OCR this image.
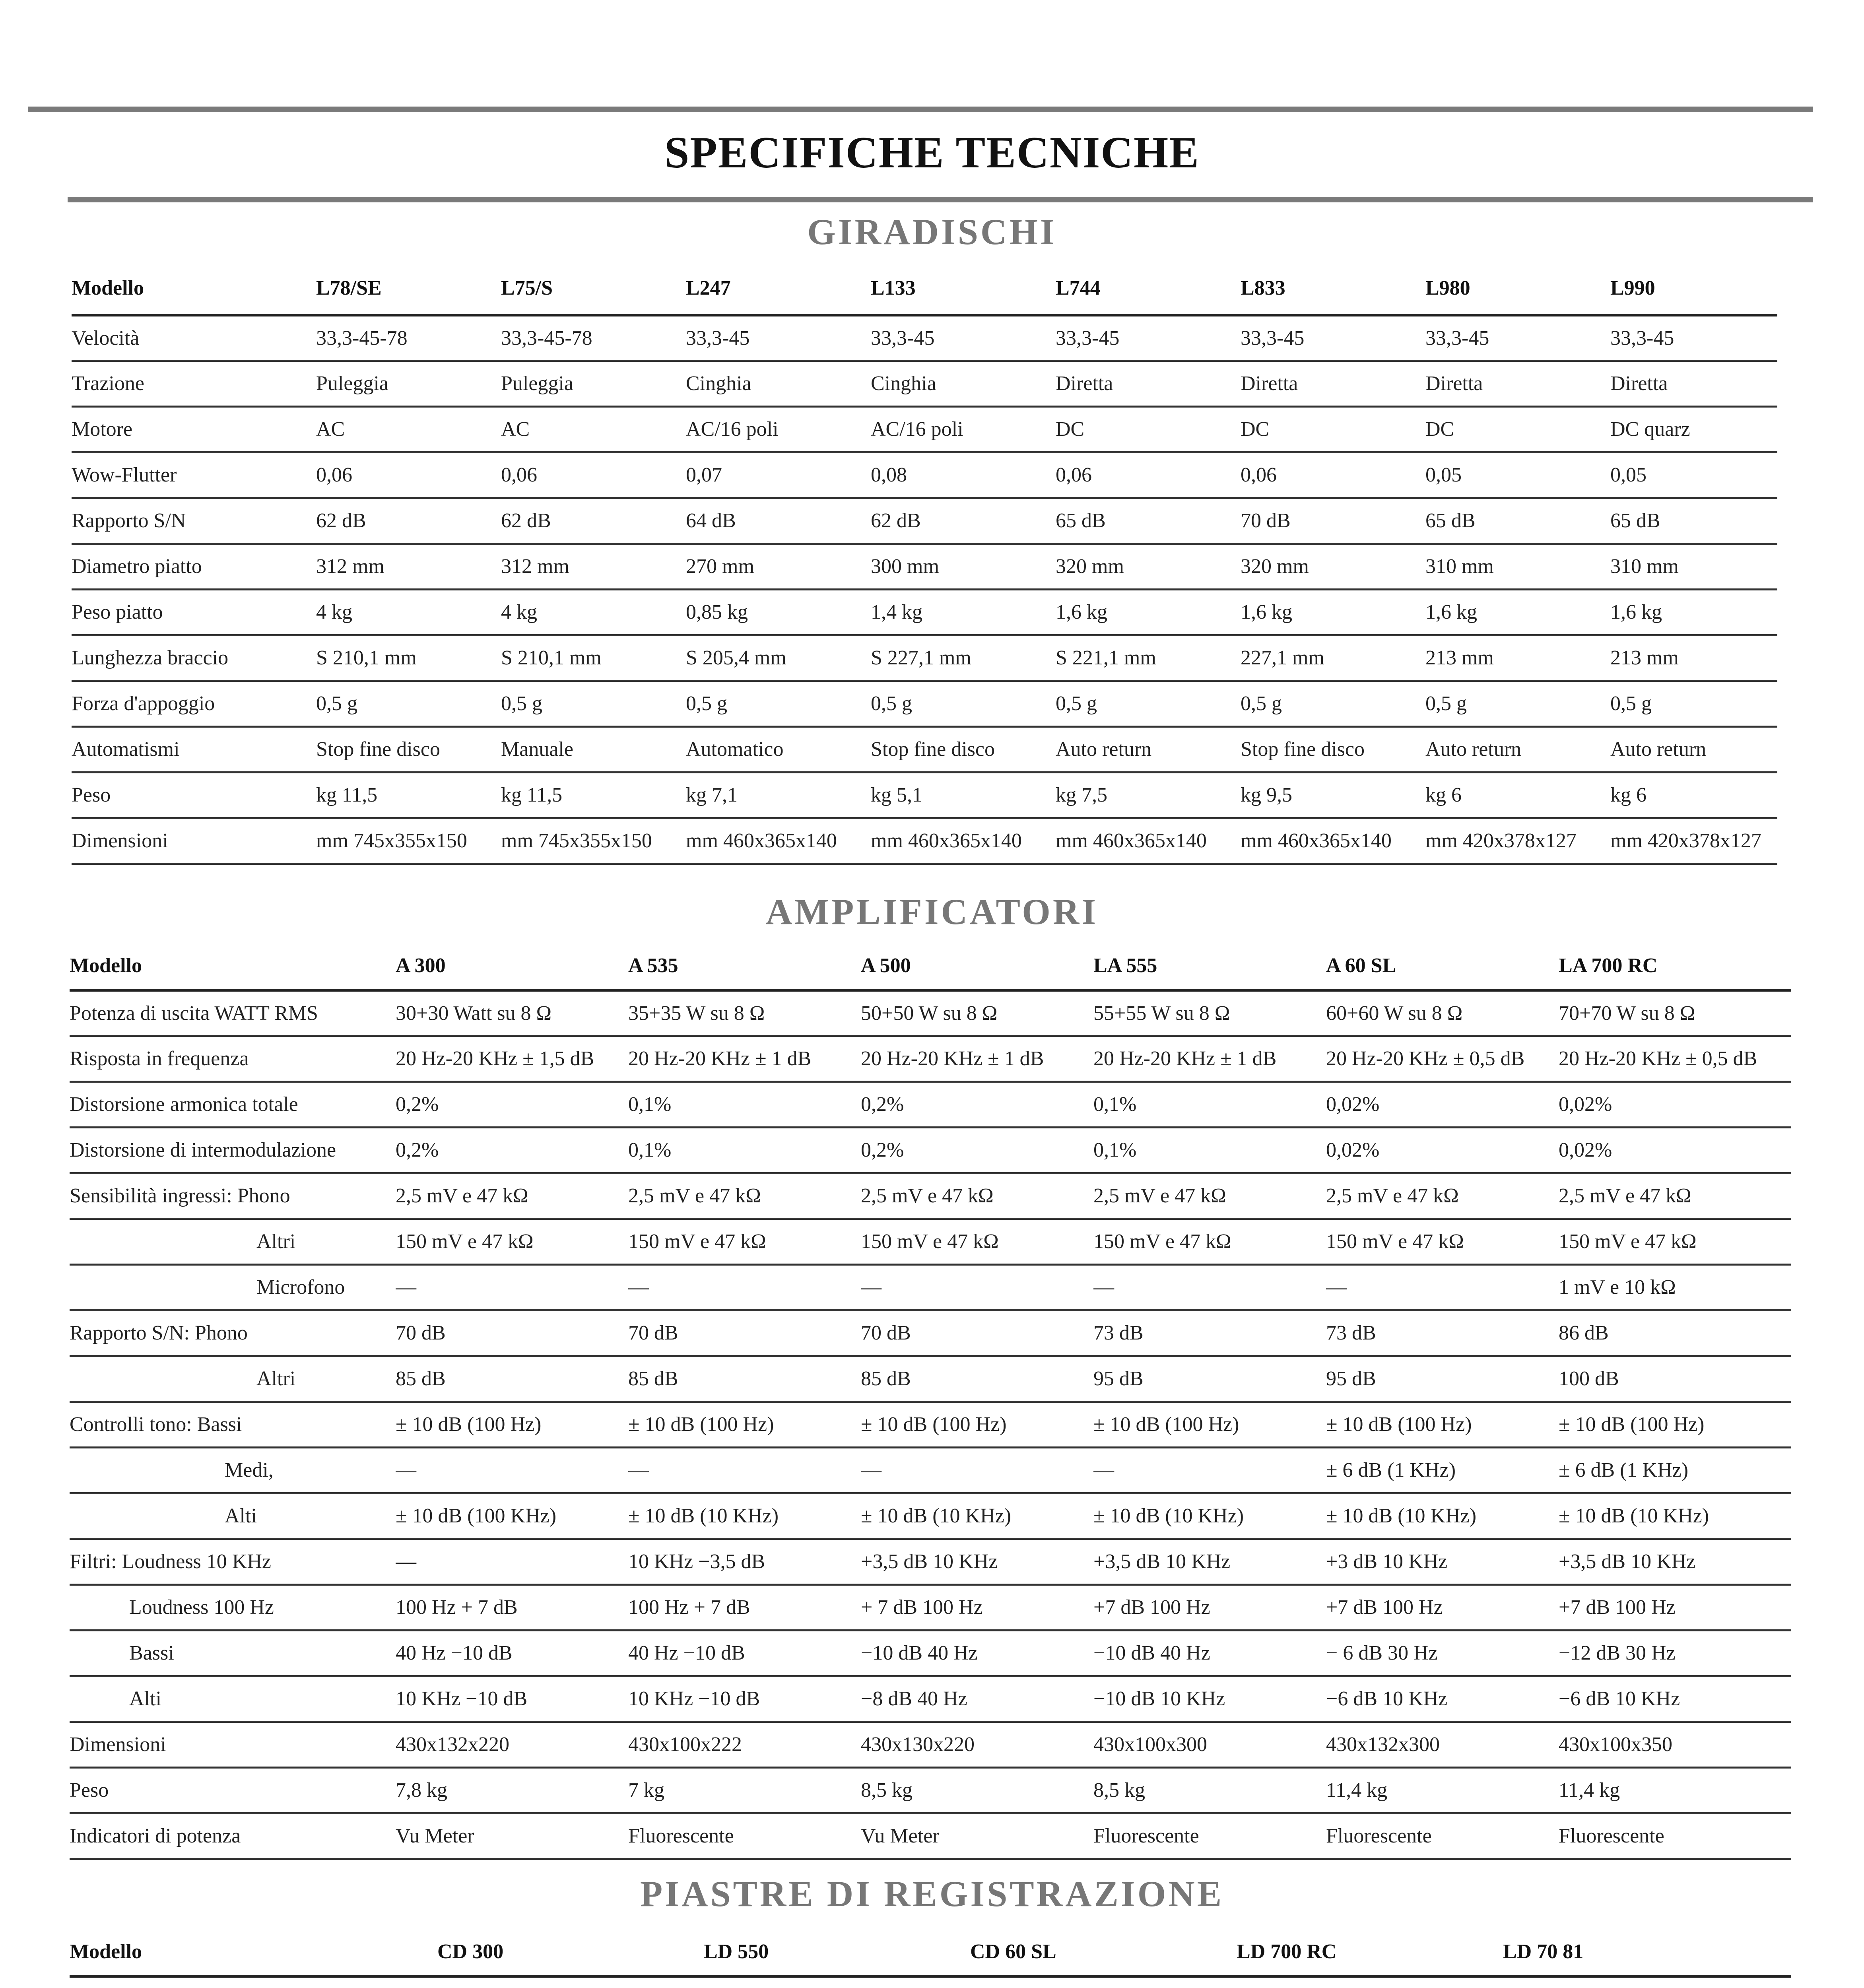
SPECIFICHE TECNICHE
GIRADISCHI
Modello	L78/SE	L75/S	L247	L133	L744	L833	L980	L990
Velocità	33,3-45-78	33,3-45-78	33,3-45	33,3-45	33,3-45	33,3-45	33,3-45	33,3-45
Trazione	Puleggia	Puleggia	Cinghia	Cinghia	Diretta	Diretta	Diretta	Diretta
Motore	AC	AC	AC/16 poli	AC/16 poli	DC	DC	DC	DC quarz
Wow-Flutter	0,06	0,06	0,07	0,08	0,06	0,06	0,05	0,05
Rapporto S/N	62 dB	62 dB	64 dB	62 dB	65 dB	70 dB	65 dB	65 dB
Diametro piatto	312 mm	312 mm	270 mm	300 mm	320 mm	320 mm	310 mm	310 mm
Peso piatto	4 kg	4 kg	0,85 kg	1,4 kg	1,6 kg	1,6 kg	1,6 kg	1,6 kg
Lunghezza braccio	S 210,1 mm	S 210,1 mm	S 205,4 mm	S 227,1 mm	S 221,1 mm	227,1 mm	213 mm	213 mm
Forza d'appoggio	0,5 g	0,5 g	0,5 g	0,5 g	0,5 g	0,5 g	0,5 g	0,5 g
Automatismi	Stop fine disco	Manuale	Automatico	Stop fine disco	Auto return	Stop fine disco	Auto return	Auto return
Peso	kg 11,5	kg 11,5	kg 7,1	kg 5,1	kg 7,5	kg 9,5	kg 6	kg 6
Dimensioni	mm 745x355x150	mm 745x355x150	mm 460x365x140	mm 460x365x140	mm 460x365x140	mm 460x365x140	mm 420x378x127	mm 420x378x127
AMPLIFICATORI
Modello	A 300	A 535	A 500	LA 555	A 60 SL	LA 700 RC
Potenza di uscita WATT RMS	30+30 Watt su 8 Ω	35+35 W su 8 Ω	50+50 W su 8 Ω	55+55 W su 8 Ω	60+60 W su 8 Ω	70+70 W su 8 Ω
Risposta in frequenza	20 Hz-20 KHz ± 1,5 dB	20 Hz-20 KHz ± 1 dB	20 Hz-20 KHz ± 1 dB	20 Hz-20 KHz ± 1 dB	20 Hz-20 KHz ± 0,5 dB	20 Hz-20 KHz ± 0,5 dB
Distorsione armonica totale	0,2%	0,1%	0,2%	0,1%	0,02%	0,02%
Distorsione di intermodulazione	0,2%	0,1%	0,2%	0,1%	0,02%	0,02%
Sensibilità ingressi: Phono	2,5 mV e 47 kΩ	2,5 mV e 47 kΩ	2,5 mV e 47 kΩ	2,5 mV e 47 kΩ	2,5 mV e 47 kΩ	2,5 mV e 47 kΩ
Altri	150 mV e 47 kΩ	150 mV e 47 kΩ	150 mV e 47 kΩ	150 mV e 47 kΩ	150 mV e 47 kΩ	150 mV e 47 kΩ
Microfono	—	—	—	—	—	1 mV e 10 kΩ
Rapporto S/N: Phono	70 dB	70 dB	70 dB	73 dB	73 dB	86 dB
Altri	85 dB	85 dB	85 dB	95 dB	95 dB	100 dB
Controlli tono: Bassi	± 10 dB (100 Hz)	± 10 dB (100 Hz)	± 10 dB (100 Hz)	± 10 dB (100 Hz)	± 10 dB (100 Hz)	± 10 dB (100 Hz)
Medi,	—	—	—	—	± 6 dB (1 KHz)	± 6 dB (1 KHz)
Alti	± 10 dB (100 KHz)	± 10 dB (10 KHz)	± 10 dB (10 KHz)	± 10 dB (10 KHz)	± 10 dB (10 KHz)	± 10 dB (10 KHz)
Filtri: Loudness 10 KHz	—	10 KHz −3,5 dB	+3,5 dB 10 KHz	+3,5 dB 10 KHz	+3 dB 10 KHz	+3,5 dB 10 KHz
Loudness 100 Hz	100 Hz + 7 dB	100 Hz + 7 dB	+ 7 dB 100 Hz	+7 dB 100 Hz	+7 dB 100 Hz	+7 dB 100 Hz
Bassi	40 Hz −10 dB	40 Hz −10 dB	−10 dB 40 Hz	−10 dB 40 Hz	− 6 dB 30 Hz	−12 dB 30 Hz
Alti	10 KHz −10 dB	10 KHz −10 dB	−8 dB 40 Hz	−10 dB 10 KHz	−6 dB 10 KHz	−6 dB 10 KHz
Dimensioni	430x132x220	430x100x222	430x130x220	430x100x300	430x132x300	430x100x350
Peso	7,8 kg	7 kg	8,5 kg	8,5 kg	11,4 kg	11,4 kg
Indicatori di potenza	Vu Meter	Fluorescente	Vu Meter	Fluorescente	Fluorescente	Fluorescente
PIASTRE DI REGISTRAZIONE
Modello	CD 300	LD 550	CD 60 SL	LD 700 RC	LD 70 81
